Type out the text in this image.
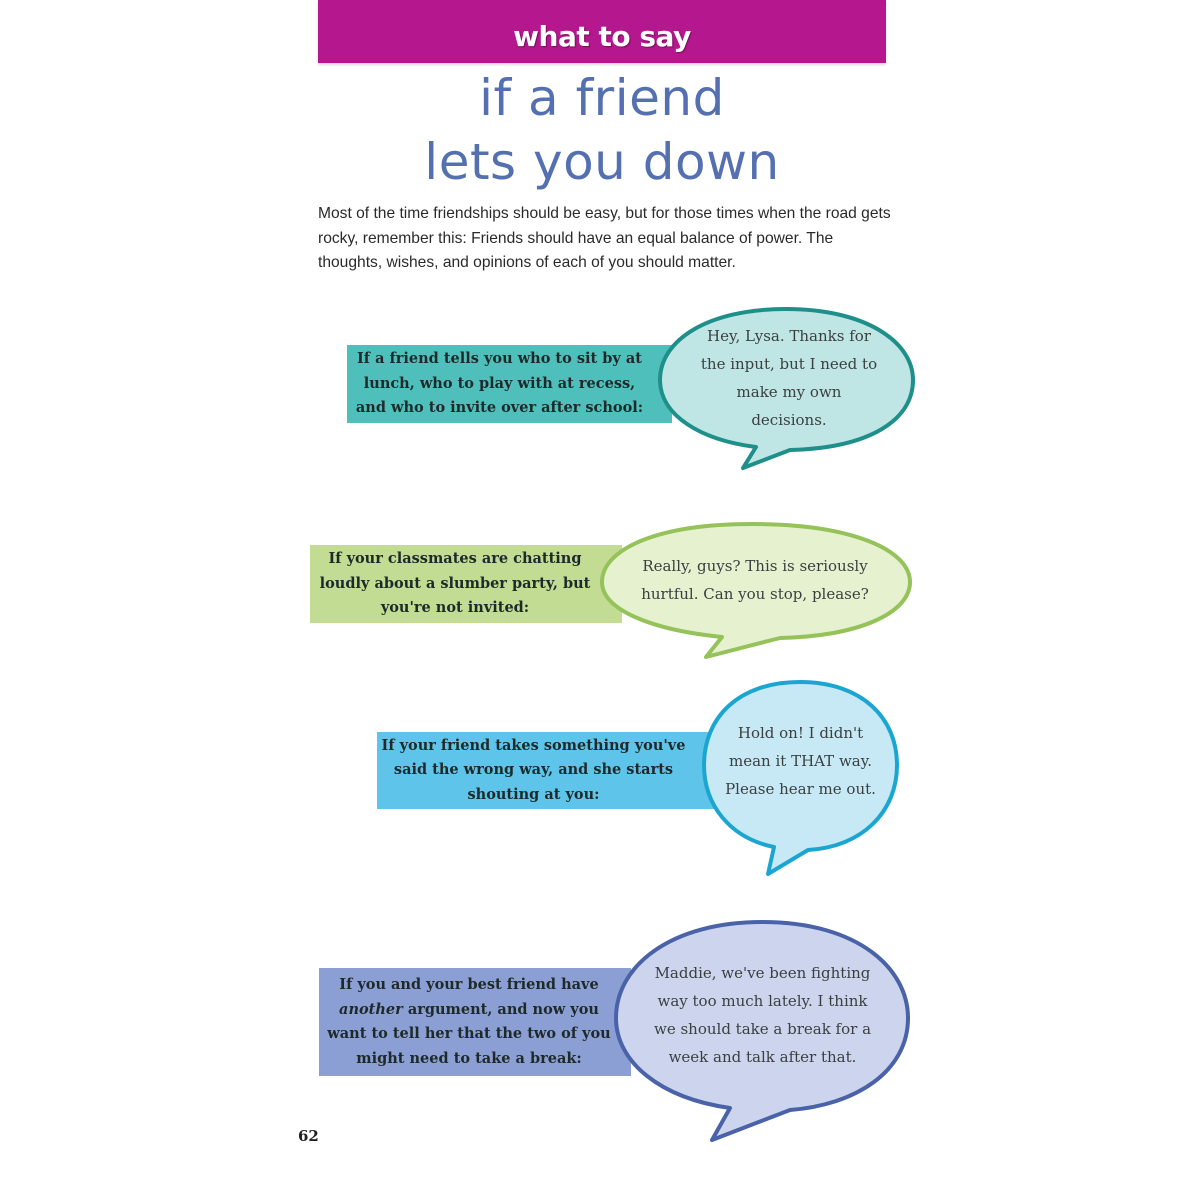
what to say
if a friend
lets you down
Most of the time friendships should be easy, but for those times when the road gets rocky, remember this: Friends should have an equal balance of power. The thoughts, wishes, and opinions of each of you should matter.
If a friend tells you who to sit by at lunch, who to play with at recess, and who to invite over after school:
Hey, Lysa. Thanks for the input, but I need to make my own decisions.
If your classmates are chatting loudly about a slumber party, but you're not invited:
Really, guys? This is seriously hurtful. Can you stop, please?
If your friend takes something you've said the wrong way, and she starts shouting at you:
Hold on! I didn't mean it THAT way. Please hear me out.
If you and your best friend have another argument, and now you want to tell her that the two of you might need to take a break:
Maddie, we've been fighting way too much lately. I think we should take a break for a week and talk after that.
62
